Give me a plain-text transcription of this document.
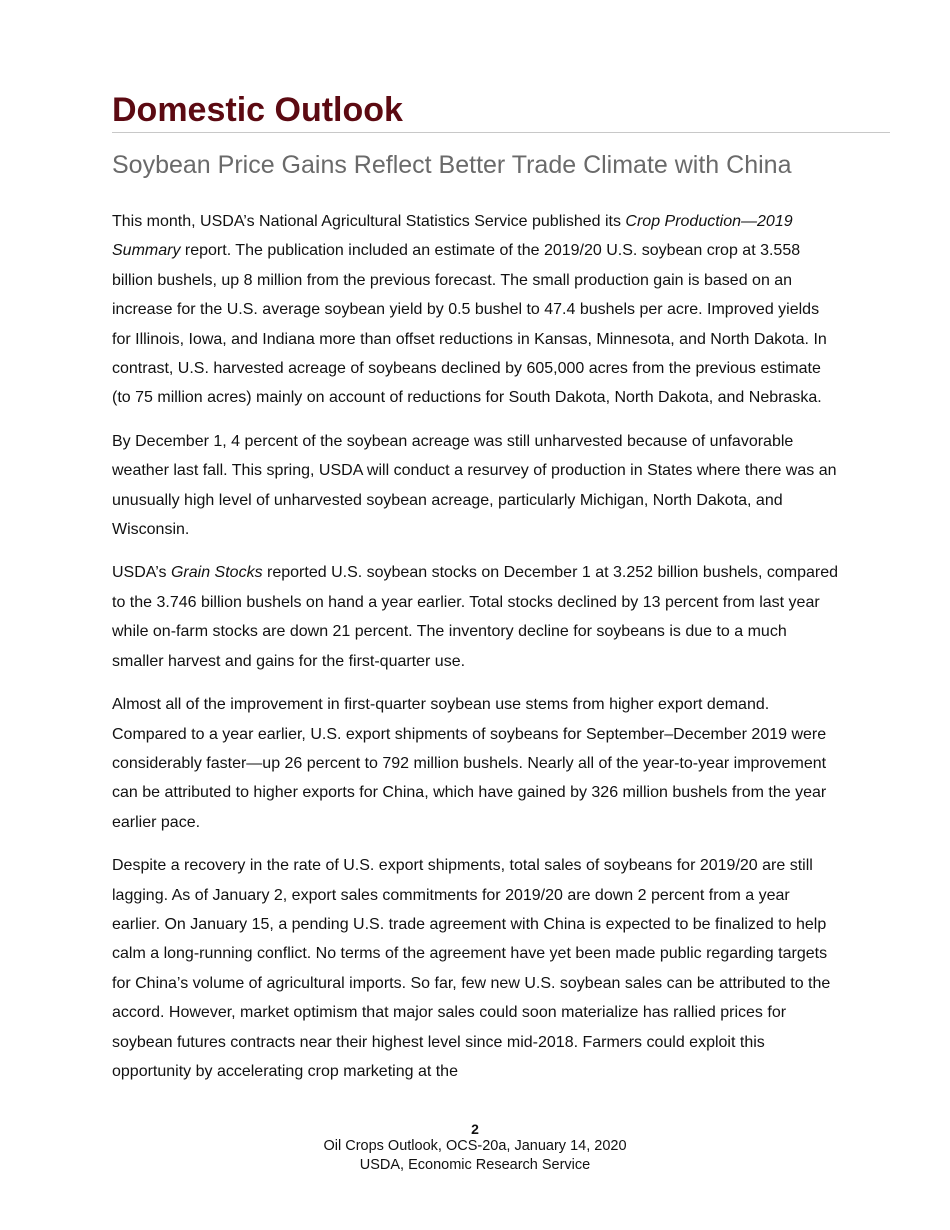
Domestic Outlook
Soybean Price Gains Reflect Better Trade Climate with China

This month, USDA’s National Agricultural Statistics Service published its Crop Production—2019 Summary report. The publication included an estimate of the 2019/20 U.S. soybean crop at 3.558 billion bushels, up 8 million from the previous forecast. The small production gain is based on an increase for the U.S. average soybean yield by 0.5 bushel to 47.4 bushels per acre. Improved yields for Illinois, Iowa, and Indiana more than offset reductions in Kansas, Minnesota, and North Dakota. In contrast, U.S. harvested acreage of soybeans declined by 605,000 acres from the previous estimate (to 75 million acres) mainly on account of reductions for South Dakota, North Dakota, and Nebraska.

By December 1, 4 percent of the soybean acreage was still unharvested because of unfavorable weather last fall. This spring, USDA will conduct a resurvey of production in States where there was an unusually high level of unharvested soybean acreage, particularly Michigan, North Dakota, and Wisconsin.

USDA’s Grain Stocks reported U.S. soybean stocks on December 1 at 3.252 billion bushels, compared to the 3.746 billion bushels on hand a year earlier. Total stocks declined by 13 percent from last year while on-farm stocks are down 21 percent. The inventory decline for soybeans is due to a much smaller harvest and gains for the first-quarter use.

Almost all of the improvement in first-quarter soybean use stems from higher export demand. Compared to a year earlier, U.S. export shipments of soybeans for September–December 2019 were considerably faster—up 26 percent to 792 million bushels. Nearly all of the year-to-year improvement can be attributed to higher exports for China, which have gained by 326 million bushels from the year earlier pace.

Despite a recovery in the rate of U.S. export shipments, total sales of soybeans for 2019/20 are still lagging. As of January 2, export sales commitments for 2019/20 are down 2 percent from a year earlier. On January 15, a pending U.S. trade agreement with China is expected to be finalized to help calm a long-running conflict. No terms of the agreement have yet been made public regarding targets for China’s volume of agricultural imports. So far, few new U.S. soybean sales can be attributed to the accord. However, market optimism that major sales could soon materialize has rallied prices for soybean futures contracts near their highest level since mid-2018. Farmers could exploit this opportunity by accelerating crop marketing at the

2
Oil Crops Outlook, OCS-20a, January 14, 2020
USDA, Economic Research Service
